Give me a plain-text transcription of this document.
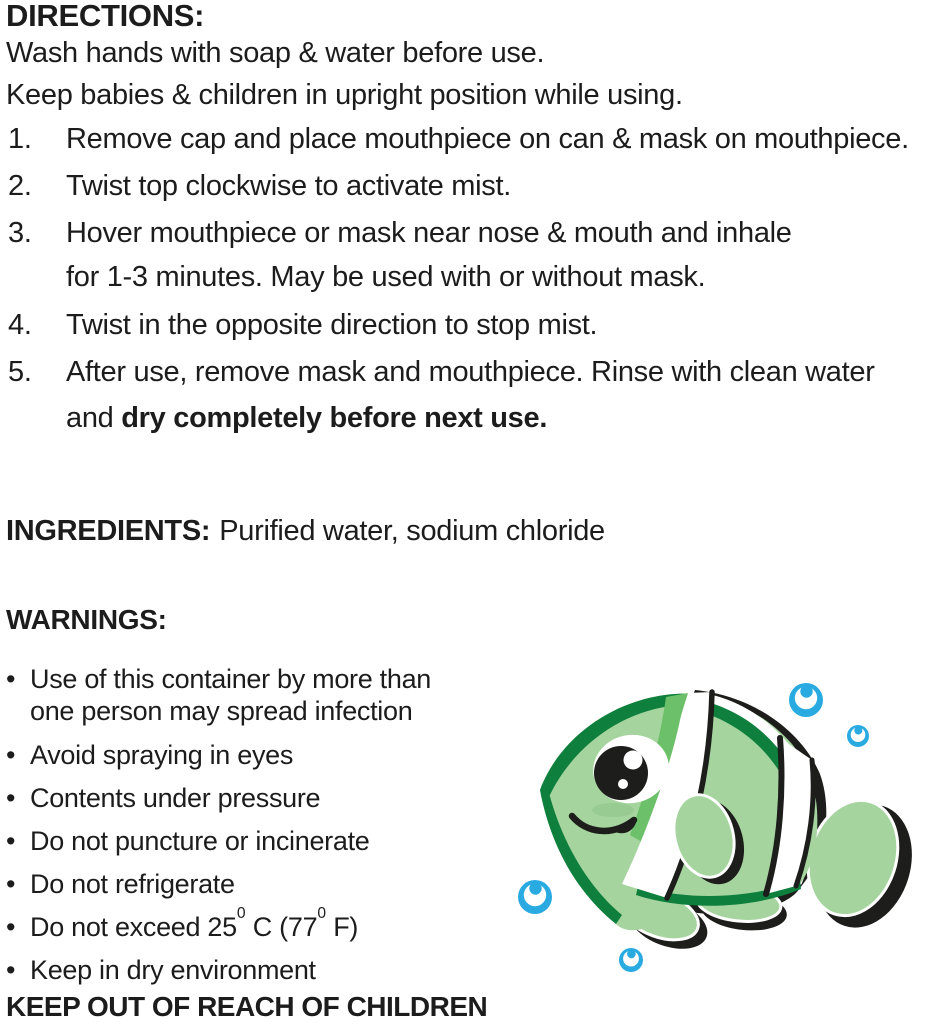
DIRECTIONS:
Wash hands with soap & water before use.
Keep babies & children in upright position while using.
1. Remove cap and place mouthpiece on can & mask on mouthpiece.
2. Twist top clockwise to activate mist.
3. Hover mouthpiece or mask near nose & mouth and inhale
for 1-3 minutes. May be used with or without mask.
4. Twist in the opposite direction to stop mist.
5. After use, remove mask and mouthpiece. Rinse with clean water
and dry completely before next use.
INGREDIENTS: Purified water, sodium chloride
WARNINGS:
• Use of this container by more than
one person may spread infection
• Avoid spraying in eyes
• Contents under pressure
• Do not puncture or incinerate
• Do not refrigerate
• Do not exceed $25^0$ C ($77^0$ F)
• Keep in dry environment
KEEP OUT OF REACH OF CHILDREN
